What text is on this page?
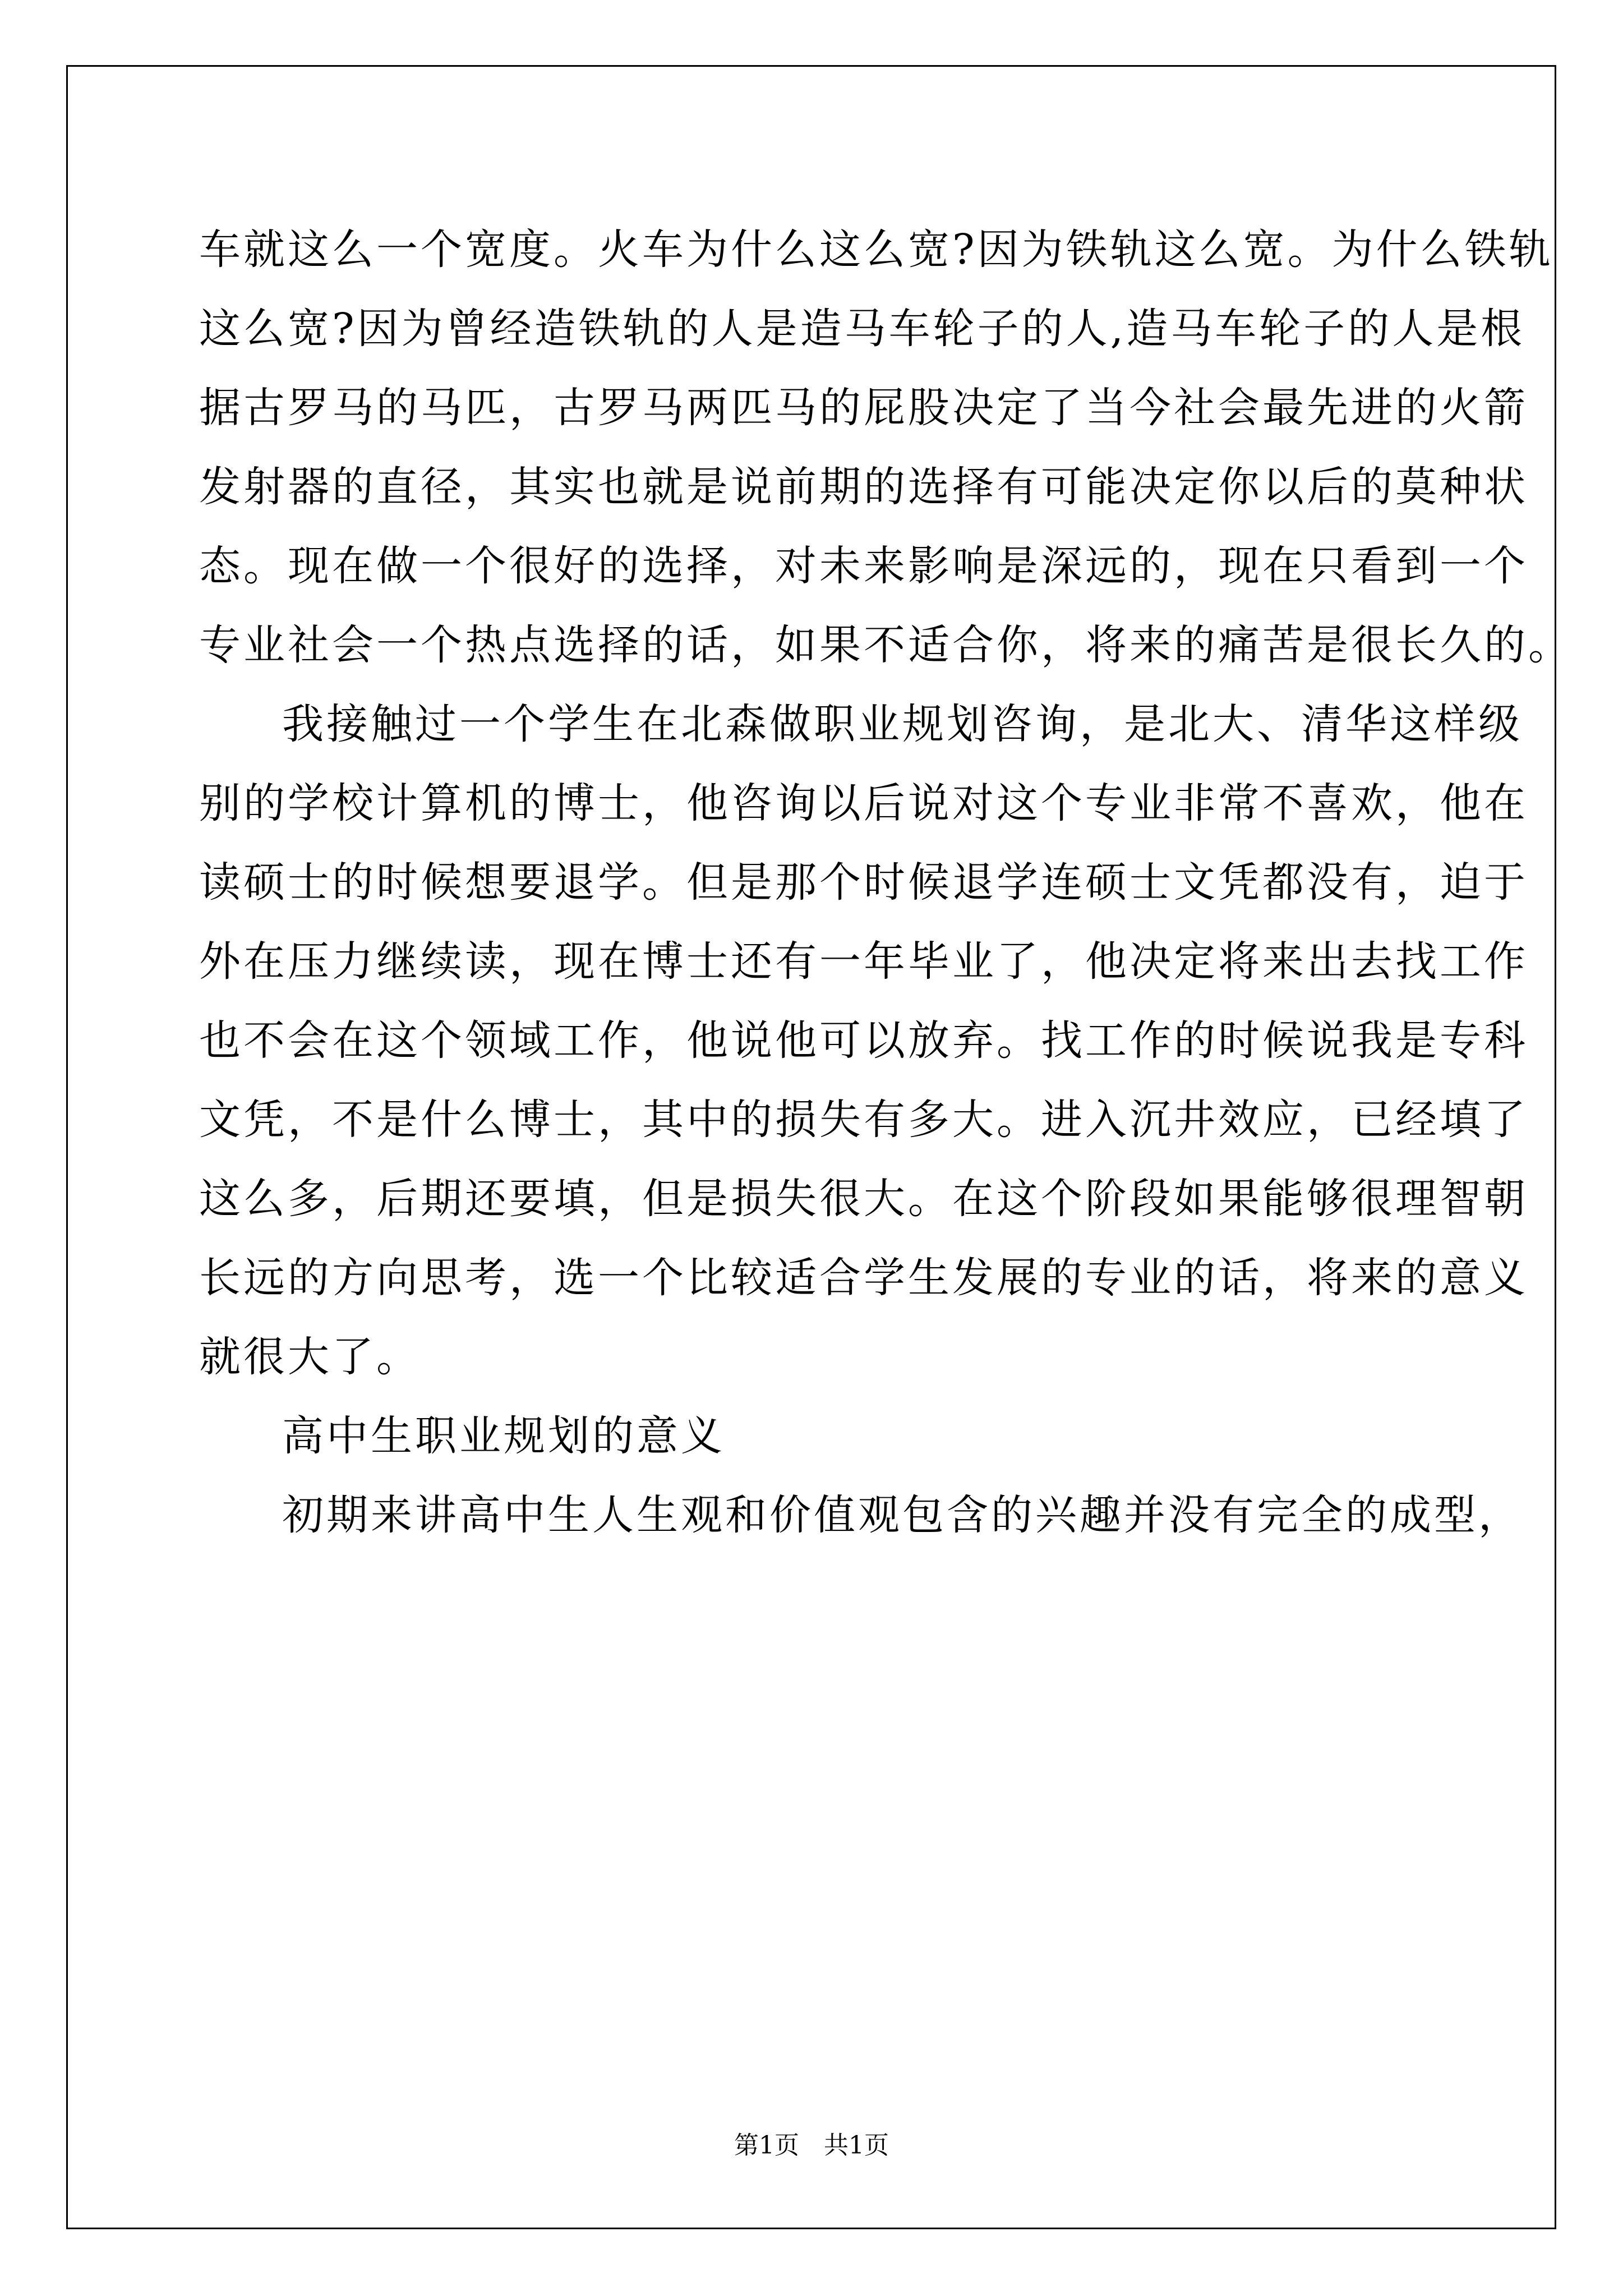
车就这么一个宽度。火车为什么这么宽?因为铁轨这么宽。为什么铁轨
这么宽?因为曾经造铁轨的人是造马车轮子的人,造马车轮子的人是根
据古罗马的马匹，古罗马两匹马的屁股决定了当今社会最先进的火箭
发射器的直径，其实也就是说前期的选择有可能决定你以后的莫种状
态。现在做一个很好的选择，对未来影响是深远的，现在只看到一个
专业社会一个热点选择的话，如果不适合你，将来的痛苦是很长久的。
我接触过一个学生在北森做职业规划咨询，是北大、清华这样级
别的学校计算机的博士，他咨询以后说对这个专业非常不喜欢，他在
读硕士的时候想要退学。但是那个时候退学连硕士文凭都没有，迫于
外在压力继续读，现在博士还有一年毕业了，他决定将来出去找工作
也不会在这个领域工作，他说他可以放弃。找工作的时候说我是专科
文凭，不是什么博士，其中的损失有多大。进入沉井效应，已经填了
这么多，后期还要填，但是损失很大。在这个阶段如果能够很理智朝
长远的方向思考，选一个比较适合学生发展的专业的话，将来的意义
就很大了。
高中生职业规划的意义
初期来讲高中生人生观和价值观包含的兴趣并没有完全的成型，
第1页　共1页
